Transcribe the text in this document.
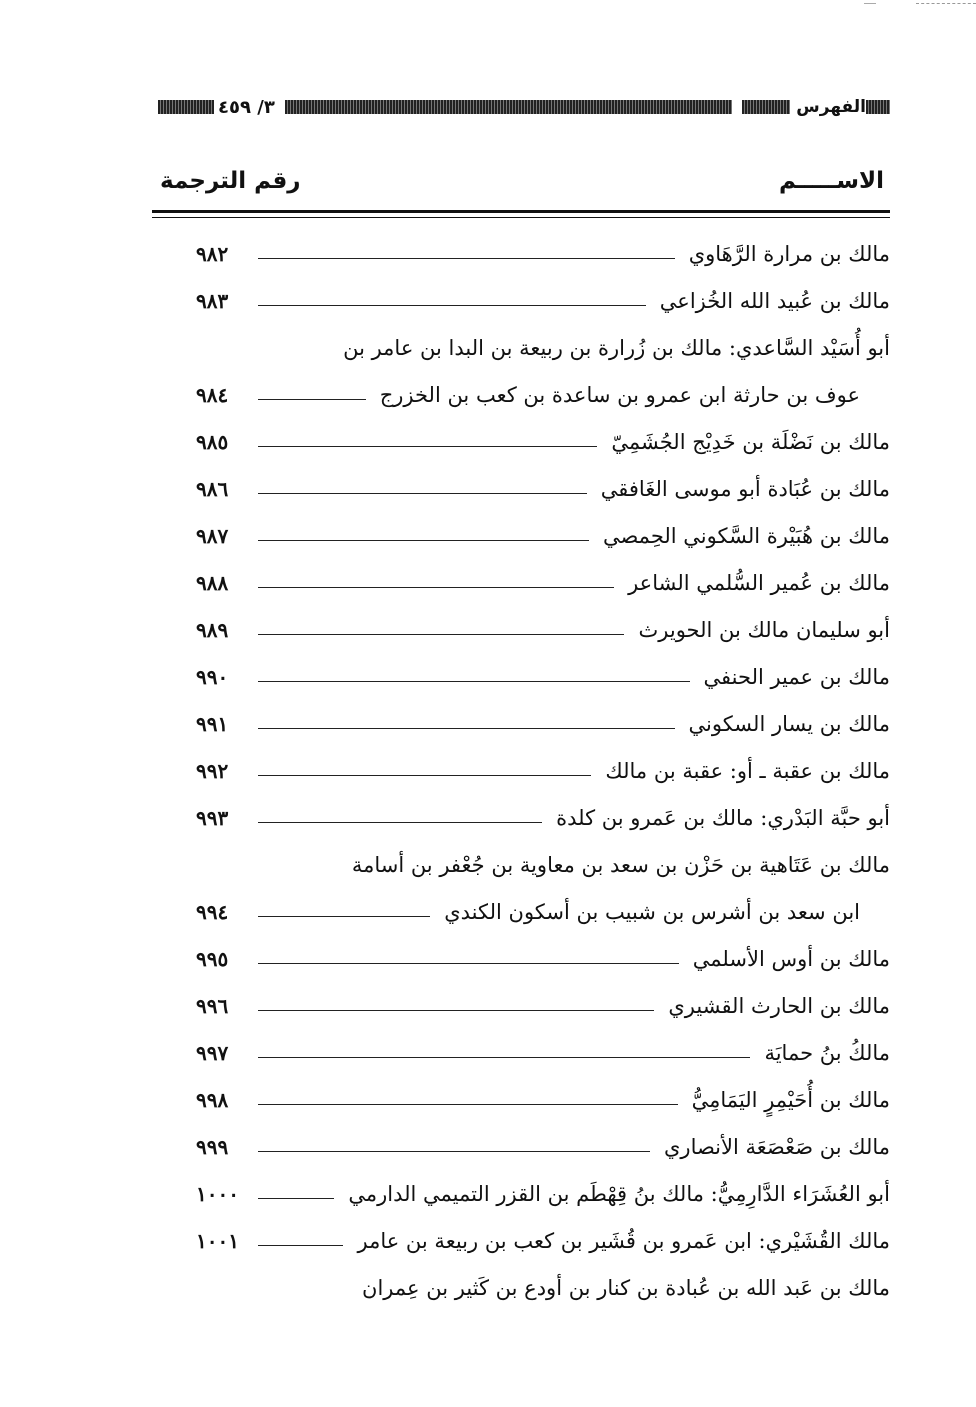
الفهرس
٣/ ٤٥٩
الاســـــم
رقم الترجمة
مالك بن مرارة الرَّهَاوي
٩٨٢
مالك بن عُبيد الله الخُزاعي
٩٨٣
أبو أُسَيْد السَّاعدي: مالك بن زُرارة بن ربيعة بن البدا بن عامر بن
عوف بن حارثة ابن عمرو بن ساعدة بن كعب بن الخزرج
٩٨٤
مالك بن نَضْلَة بن خَدِيْج الجُشَمِيّ
٩٨٥
مالك بن عُبَادة أبو موسى الغَافقي
٩٨٦
مالك بن هُبَيْرة السَّكوني الحِمصي
٩٨٧
مالك بن عُمير السُّلمي الشاعر
٩٨٨
أبو سليمان مالك بن الحويرث
٩٨٩
مالك بن عمير الحنفي
٩٩٠
مالك بن يسار السكوني
٩٩١
مالك بن عقبة ـ أو: عقبة بن مالك
٩٩٢
أبو حبَّة البَدْري: مالك بن عَمرو بن كلدة
٩٩٣
مالك بن عَتَاهية بن حَزْن بن سعد بن معاوية بن جُعْفر بن أسامة
ابن سعد بن أشرس بن شبيب بن أسكون الكندي
٩٩٤
مالك بن أوس الأسلمي
٩٩٥
مالك بن الحارث القشيري
٩٩٦
مالكُ بنُ حمايَة
٩٩٧
مالك بن أُحَيْمِرٍ اليَمَامِيُّ
٩٩٨
مالك بن صَعْصَعَة الأنصاري
٩٩٩
أبو العُشَرَاء الدَّارِمِيُّ: مالك بنُ قِهْطَم بن القزر التميمي الدارمي
١٠٠٠
مالك القُشَيْري: ابن عَمرو بن قُشَير بن كعب بن ربيعة بن عامر
١٠٠١
مالك بن عَبد الله بن عُبادة بن كنار بن أودع بن كَثير بن عِمران
